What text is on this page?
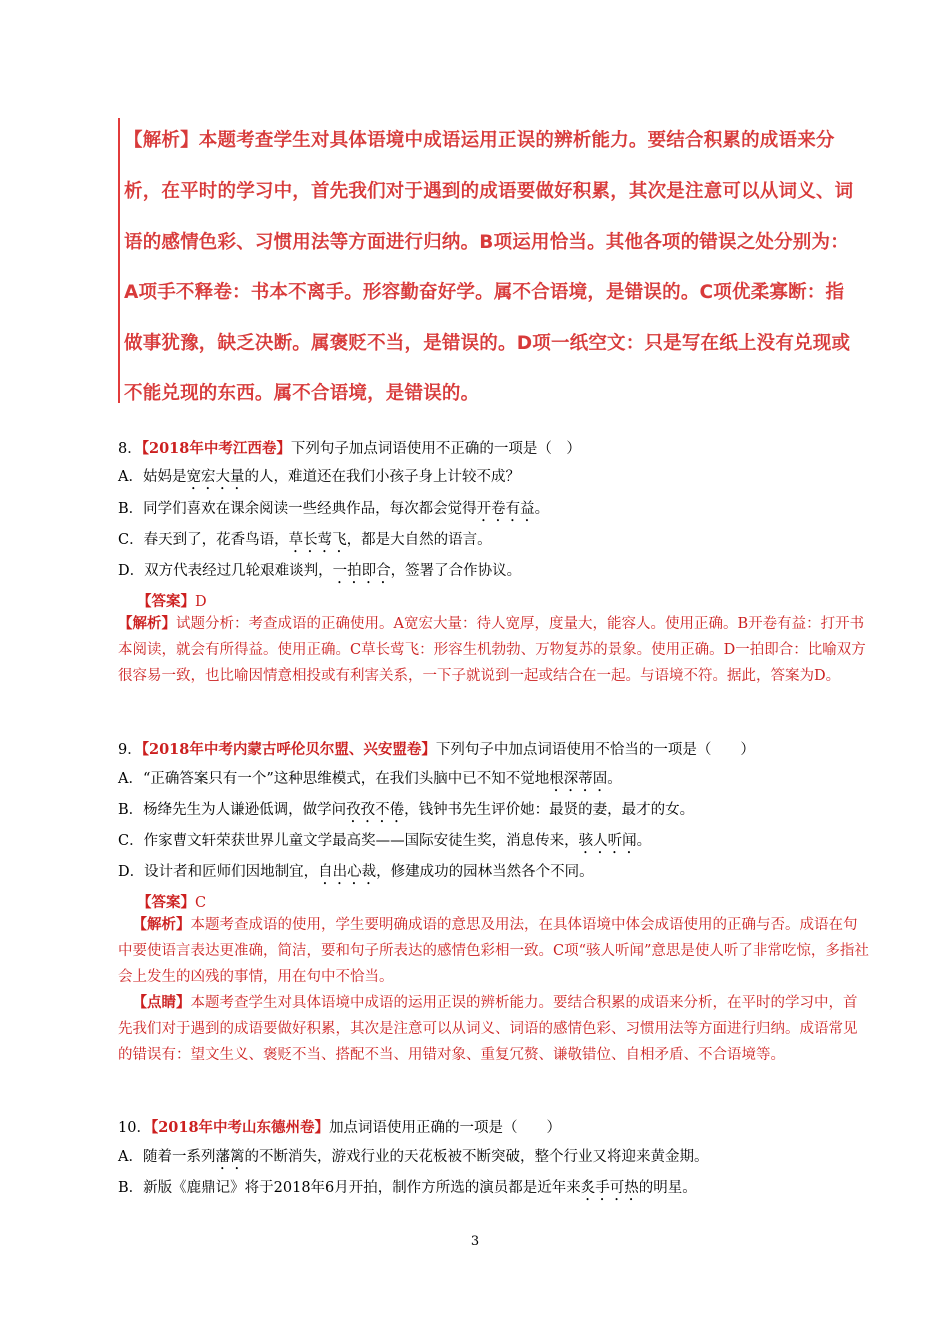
【解析】本题考查学生对具体语境中成语运用正误的辨析能力。要结合积累的成语来分

析，在平时的学习中，首先我们对于遇到的成语要做好积累，其次是注意可以从词义、词

语的感情色彩、习惯用法等方面进行归纳。B项运用恰当。其他各项的错误之处分别为：

A项手不释卷：书本不离手。形容勤奋好学。属不合语境，是错误的。C项优柔寡断：指

做事犹豫，缺乏决断。属褒贬不当，是错误的。D项一纸空文：只是写在纸上没有兑现或

不能兑现的东西。属不合语境，是错误的。

8．【2018年中考江西卷】下列句子加点词语使用不正确的一项是（　）
A．姑妈是宽宏大量的人，难道还在我们小孩子身上计较不成？
B．同学们喜欢在课余阅读一些经典作品，每次都会觉得开卷有益。
C．春天到了，花香鸟语，草长莺飞，都是大自然的语言。
D．双方代表经过几轮艰难谈判，一拍即合，签署了合作协议。
【答案】D
【解析】试题分析：考查成语的正确使用。A宽宏大量：待人宽厚，度量大，能容人。使用正确。B开卷有益：打开书本阅读，就会有所得益。使用正确。C草长莺飞：形容生机勃勃、万物复苏的景象。使用正确。D一拍即合：比喻双方很容易一致，也比喻因情意相投或有利害关系，一下子就说到一起或结合在一起。与语境不符。据此，答案为D。
9．【2018年中考内蒙古呼伦贝尔盟、兴安盟卷】下列句子中加点词语使用不恰当的一项是（　　）
A．“正确答案只有一个”这种思维模式，在我们头脑中已不知不觉地根深蒂固。
B．杨绛先生为人谦逊低调，做学问孜孜不倦，钱钟书先生评价她：最贤的妻，最才的女。
C．作家曹文轩荣获世界儿童文学最高奖——国际安徒生奖，消息传来，骇人听闻。
D．设计者和匠师们因地制宜，自出心裁，修建成功的园林当然各个不同。
【答案】C
【解析】本题考查成语的使用，学生要明确成语的意思及用法，在具体语境中体会成语使用的正确与否。成语在句中要使语言表达更准确，简洁，要和句子所表达的感情色彩相一致。C项“骇人听闻”意思是使人听了非常吃惊，多指社会上发生的凶残的事情，用在句中不恰当。
【点睛】本题考查学生对具体语境中成语的运用正误的辨析能力。要结合积累的成语来分析，在平时的学习中，首先我们对于遇到的成语要做好积累，其次是注意可以从词义、词语的感情色彩、习惯用法等方面进行归纳。成语常见的错误有：望文生义、褒贬不当、搭配不当、用错对象、重复冗赘、谦敬错位、自相矛盾、不合语境等。
10．【2018年中考山东德州卷】加点词语使用正确的一项是（　　）
A．随着一系列藩篱的不断消失，游戏行业的天花板被不断突破，整个行业又将迎来黄金期。
B．新版《鹿鼎记》将于2018年6月开拍，制作方所选的演员都是近年来炙手可热的明星。
3
